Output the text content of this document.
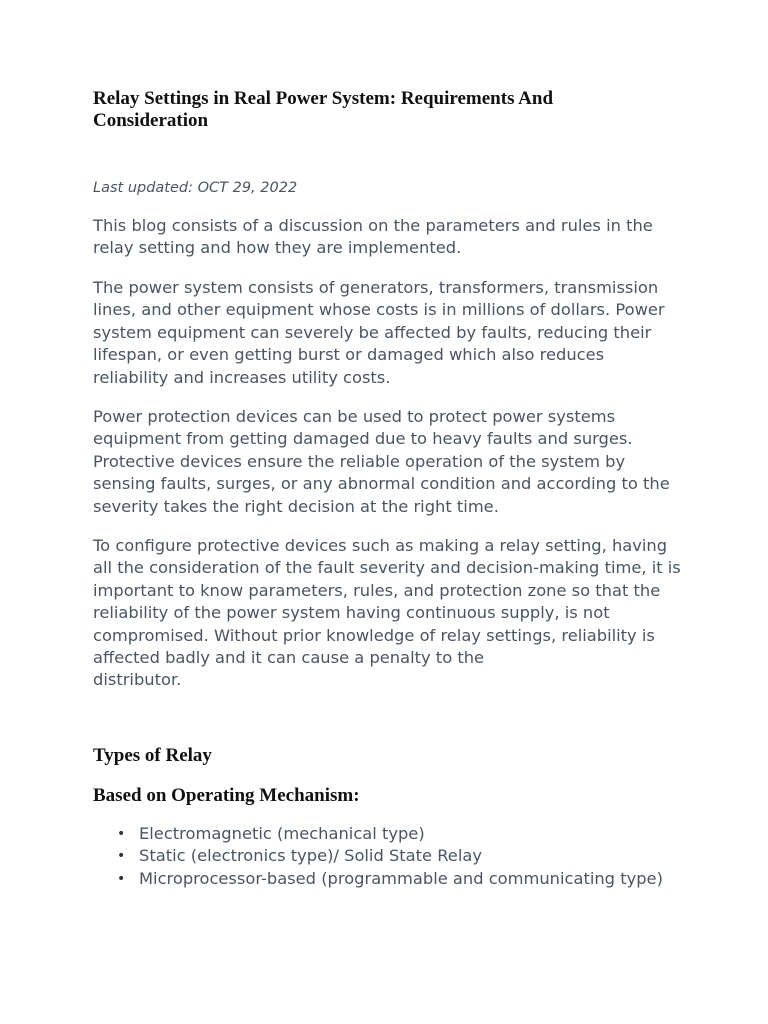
Relay Settings in Real Power System: Requirements And
Consideration

Last updated: OCT 29, 2022

This blog consists of a discussion on the parameters and rules in the
relay setting and how they are implemented.

The power system consists of generators, transformers, transmission
lines, and other equipment whose costs is in millions of dollars. Power
system equipment can severely be affected by faults, reducing their
lifespan, or even getting burst or damaged which also reduces
reliability and increases utility costs.

Power protection devices can be used to protect power systems
equipment from getting damaged due to heavy faults and surges.
Protective devices ensure the reliable operation of the system by
sensing faults, surges, or any abnormal condition and according to the
severity takes the right decision at the right time.

To configure protective devices such as making a relay setting, having
all the consideration of the fault severity and decision-making time, it is
important to know parameters, rules, and protection zone so that the
reliability of the power system having continuous supply, is not
compromised. Without prior knowledge of relay settings, reliability is
affected badly and it can cause a penalty to the
distributor.

Types of Relay
Based on Operating Mechanism:
• Electromagnetic (mechanical type)
• Static (electronics type)/ Solid State Relay
• Microprocessor-based (programmable and communicating type)
